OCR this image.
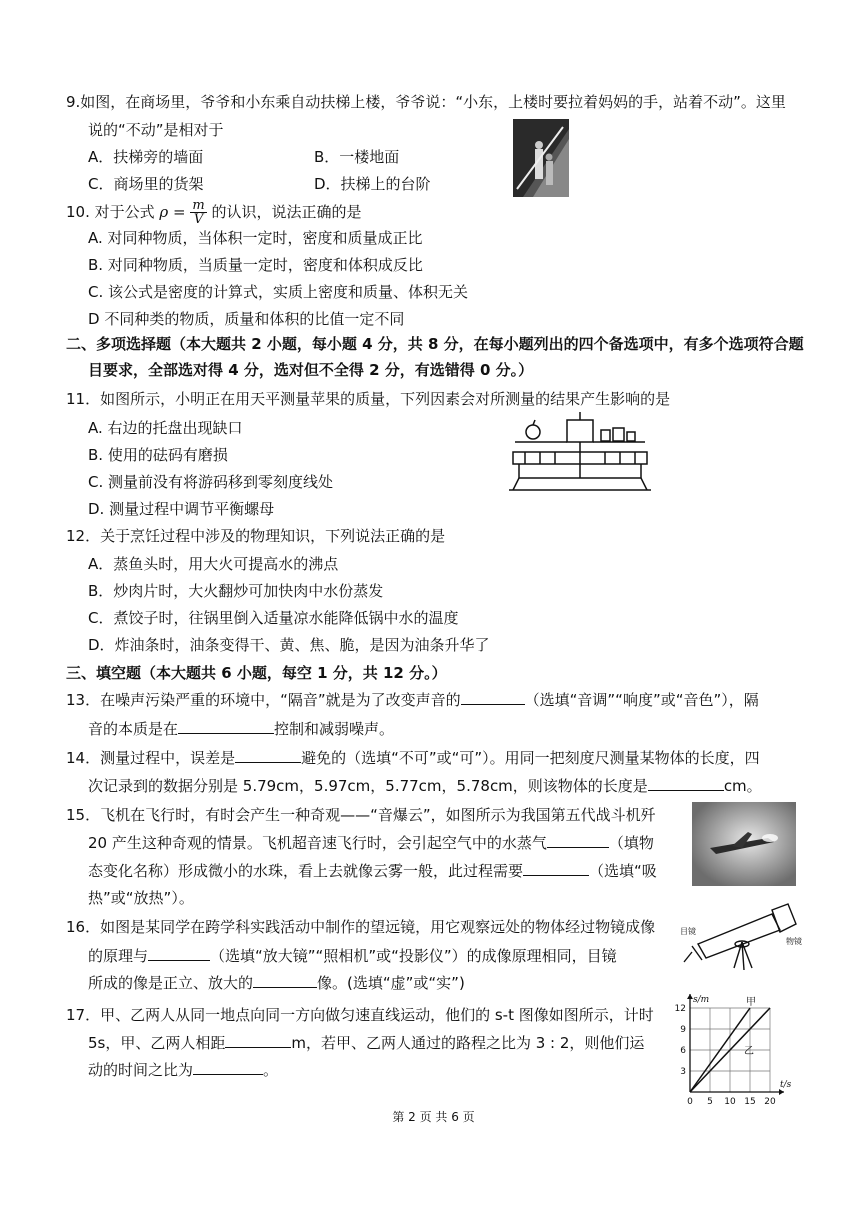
9.如图，在商场里，爷爷和小东乘自动扶梯上楼，爷爷说：“小东，上楼时要拉着妈妈的手，站着不动”。这里
说的“不动”是相对于
A．扶梯旁的墙面	B．一楼地面
C．商场里的货架	D．扶梯上的台阶
10. 对于公式 $\rho = \frac{m}{V}$ 的认识，说法正确的是
A. 对同种物质，当体积一定时，密度和质量成正比
B. 对同种物质，当质量一定时，密度和体积成反比
C. 该公式是密度的计算式，实质上密度和质量、体积无关
D 不同种类的物质，质量和体积的比值一定不同
二、多项选择题（本大题共 2 小题，每小题 4 分，共 8 分，在每小题列出的四个备选项中，有多个选项符合题
目要求，全部选对得 4 分，选对但不全得 2 分，有选错得 0 分。）
11．如图所示，小明正在用天平测量苹果的质量，下列因素会对所测量的结果产生影响的是
A. 右边的托盘出现缺口
B. 使用的砝码有磨损
C. 测量前没有将游码移到零刻度线处
D. 测量过程中调节平衡螺母
12．关于烹饪过程中涉及的物理知识，下列说法正确的是
A．蒸鱼头时，用大火可提高水的沸点
B．炒肉片时，大火翻炒可加快肉中水份蒸发
C．煮饺子时，往锅里倒入适量凉水能降低锅中水的温度
D．炸油条时，油条变得干、黄、焦、脆，是因为油条升华了
三、填空题（本大题共 6 小题，每空 1 分，共 12 分。）
13．在噪声污染严重的环境中，“隔音”就是为了改变声音的	（选填“音调”“响度”或“音色”），隔
音的本质是在	控制和减弱噪声。
14．测量过程中，误差是	避免的（选填“不可”或“可”）。用同一把刻度尺测量某物体的长度，四
次记录到的数据分别是 5.79cm，5.97cm，5.77cm，5.78cm，则该物体的长度是	cm。
15．飞机在飞行时，有时会产生一种奇观——“音爆云”，如图所示为我国第五代战斗机歼
20 产生这种奇观的情景。飞机超音速飞行时，会引起空气中的水蒸气	（填物
态变化名称）形成微小的水珠，看上去就像云雾一般，此过程需要	（选填“吸
热”或“放热”）。
16．如图是某同学在跨学科实践活动中制作的望远镜，用它观察远处的物体经过物镜成像
的原理与	（选填“放大镜”“照相机”或“投影仪”）的成像原理相同，目镜
所成的像是正立、放大的	像。(选填“虚”或“实”)
目镜
物镜
17．甲、乙两人从同一地点向同一方向做匀速直线运动，他们的 s-t 图像如图所示，计时
5s，甲、乙两人相距	m，若甲、乙两人通过的路程之比为 3 : 2，则他们运
动的时间之比为	。
0 5 10 15 20
3
6
9
12
t/s
s/m	甲
乙
第 2 页 共 6 页
